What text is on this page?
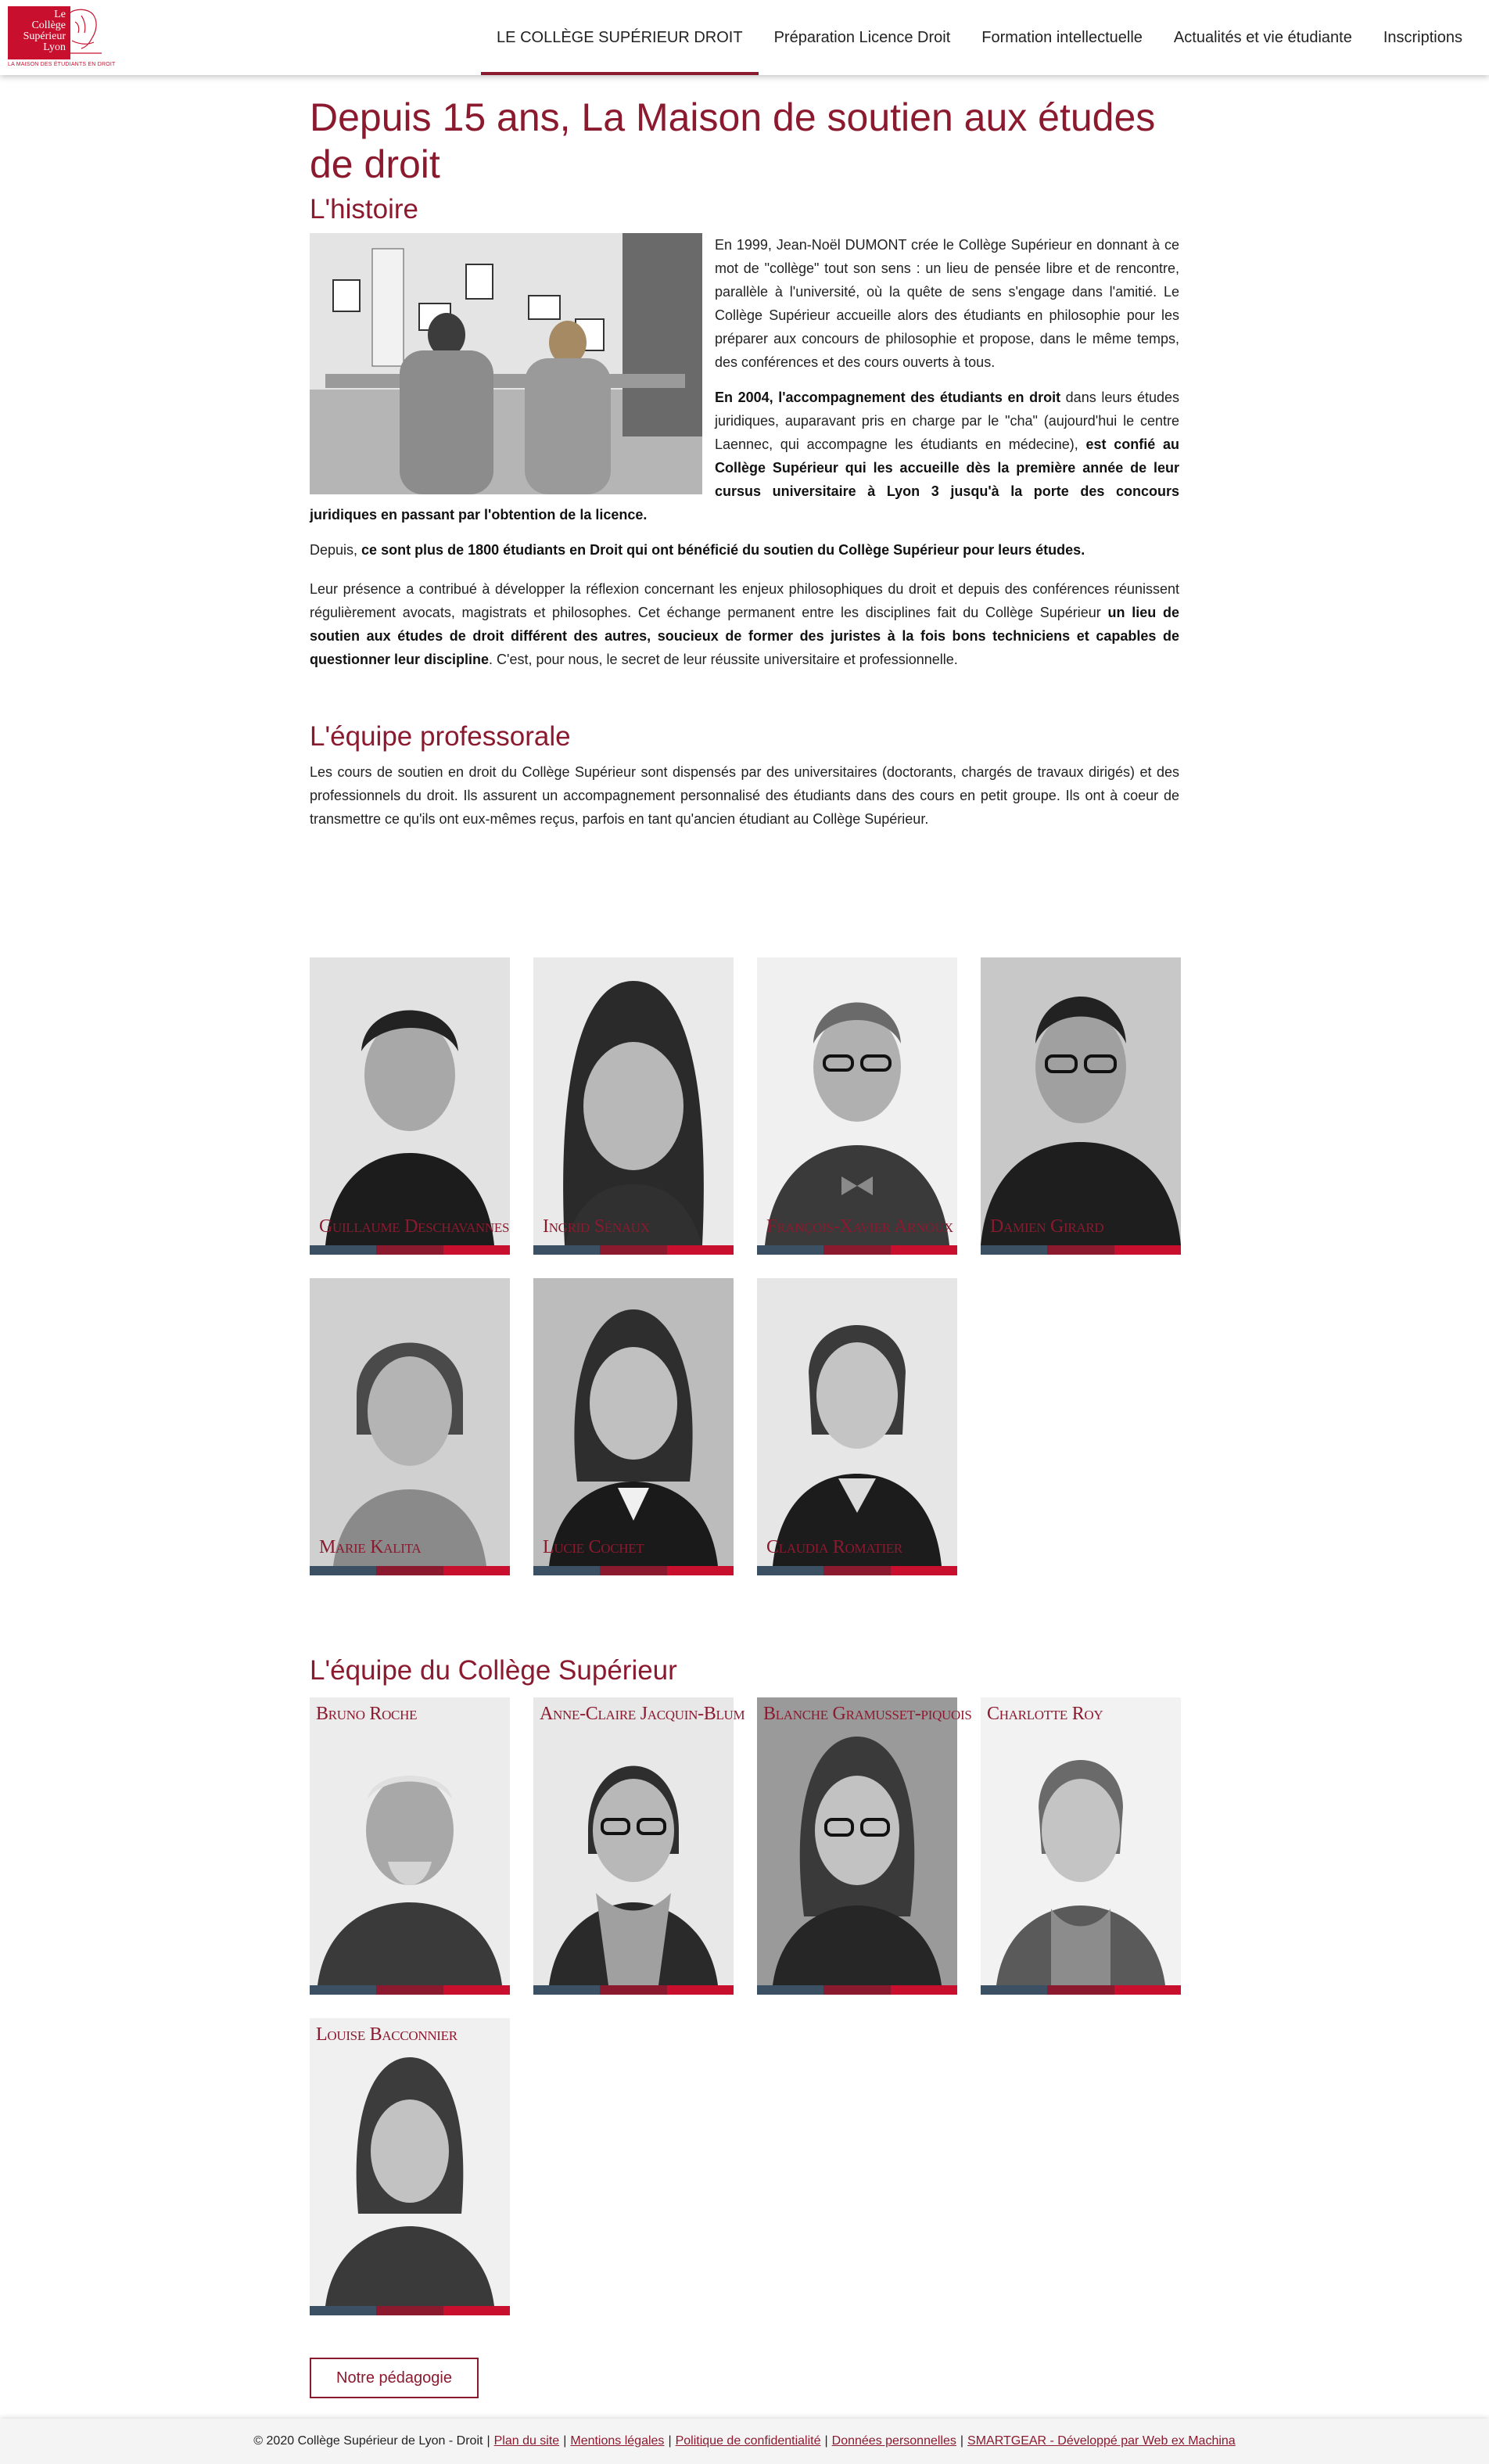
Le
Collège
Supérieur
Lyon
LA MAISON DES ÉTUDIANTS EN DROIT
LE COLLÈGE SUPÉRIEUR DROIT	Préparation Licence Droit	Formation intellectuelle	Actualités et vie étudiante	Inscriptions
Depuis 15 ans, La Maison de soutien aux études de droit
L'histoire

En 1999, Jean-Noël DUMONT crée le Collège Supérieur en donnant à ce mot de "collège" tout son sens : un lieu de pensée libre et de rencontre, parallèle à l'université, où la quête de sens s'engage dans l'amitié. Le Collège Supérieur accueille alors des étudiants en philosophie pour les préparer aux concours de philosophie et propose, dans le même temps, des conférences et des cours ouverts à tous.

En 2004, l'accompagnement des étudiants en droit dans leurs études juridiques, auparavant pris en charge par le "cha" (aujourd'hui le centre Laennec, qui accompagne les étudiants en médecine), est confié au Collège Supérieur qui les accueille dès la première année de leur cursus universitaire à Lyon 3 jusqu'à la porte des concours juridiques en passant par l'obtention de la licence.

Depuis, ce sont plus de 1800 étudiants en Droit qui ont bénéficié du soutien du Collège Supérieur pour leurs études.

Leur présence a contribué à développer la réflexion concernant les enjeux philosophiques du droit et depuis des conférences réunissent régulièrement avocats, magistrats et philosophes. Cet échange permanent entre les disciplines fait du Collège Supérieur un lieu de soutien aux études de droit différent des autres, soucieux de former des juristes à la fois bons techniciens et capables de questionner leur discipline. C'est, pour nous, le secret de leur réussite universitaire et professionnelle.

L'équipe professorale

Les cours de soutien en droit du Collège Supérieur sont dispensés par des universitaires (doctorants, chargés de travaux dirigés) et des professionnels du droit. Ils assurent un accompagnement personnalisé des étudiants dans des cours en petit groupe. Ils ont à coeur de transmettre ce qu'ils ont eux-mêmes reçus, parfois en tant qu'ancien étudiant au Collège Supérieur.

Guillaume Deschavannes Ingrid Sénaux	François-Xavier Arnoux Damien Girard
Marie Kalita	Lucie Cochet	Claudia Romatier
L'équipe du Collège Supérieur
Bruno Roche	Anne-Claire Jacquin-Blum Blanche Gramusset-piquois Charlotte Roy
Louise Bacconnier
Notre pédagogie
© 2020 Collège Supérieur de Lyon - Droit | Plan du site | Mentions légales | Politique de confidentialité | Données personnelles | SMARTGEAR - Développé par Web ex Machina
